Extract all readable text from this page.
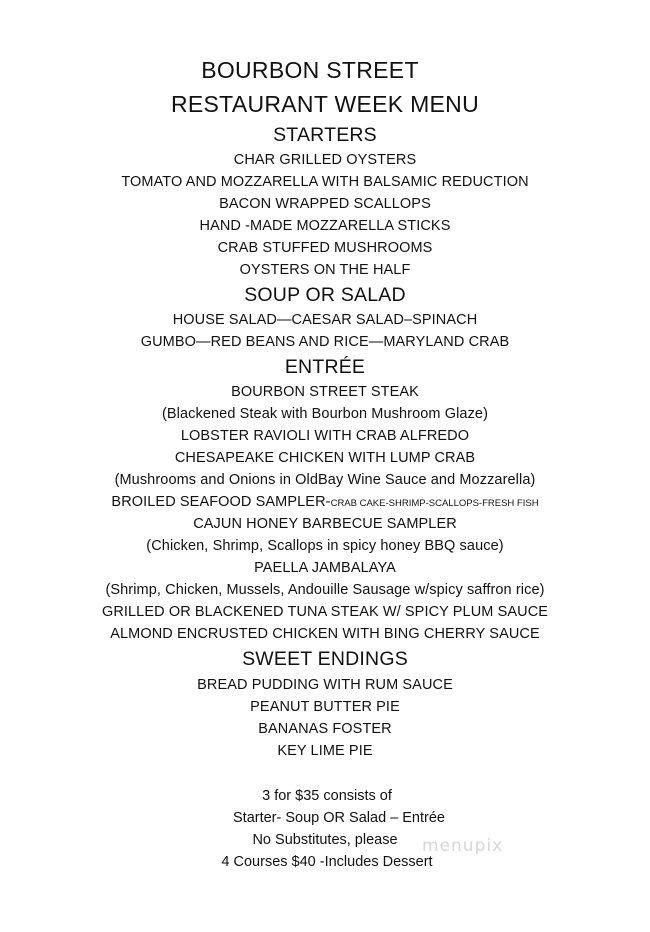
BOURBON STREET
RESTAURANT WEEK MENU
STARTERS
CHAR GRILLED OYSTERS
TOMATO AND MOZZARELLA WITH BALSAMIC REDUCTION
BACON WRAPPED SCALLOPS
HAND -MADE MOZZARELLA STICKS
CRAB STUFFED MUSHROOMS
OYSTERS ON THE HALF
SOUP OR SALAD
HOUSE SALAD—CAESAR SALAD–SPINACH
GUMBO—RED BEANS AND RICE—MARYLAND CRAB
ENTRÉE
BOURBON STREET STEAK
(Blackened Steak with Bourbon Mushroom Glaze)
LOBSTER RAVIOLI WITH CRAB ALFREDO
CHESAPEAKE CHICKEN WITH LUMP CRAB
(Mushrooms and Onions in OldBay Wine Sauce and Mozzarella)
BROILED SEAFOOD SAMPLER-CRAB CAKE-SHRIMP-SCALLOPS-FRESH FISH
CAJUN HONEY BARBECUE SAMPLER
(Chicken, Shrimp, Scallops in spicy honey BBQ sauce)
PAELLA JAMBALAYA
(Shrimp, Chicken, Mussels, Andouille Sausage w/spicy saffron rice)
GRILLED OR BLACKENED TUNA STEAK W/ SPICY PLUM SAUCE
ALMOND ENCRUSTED CHICKEN WITH BING CHERRY SAUCE
SWEET ENDINGS
BREAD PUDDING WITH RUM SAUCE
PEANUT BUTTER PIE
BANANAS FOSTER
KEY LIME PIE
3 for $35 consists of
Starter- Soup OR Salad – Entrée
No Substitutes, please
4 Courses $40 -Includes Dessert
menupix
